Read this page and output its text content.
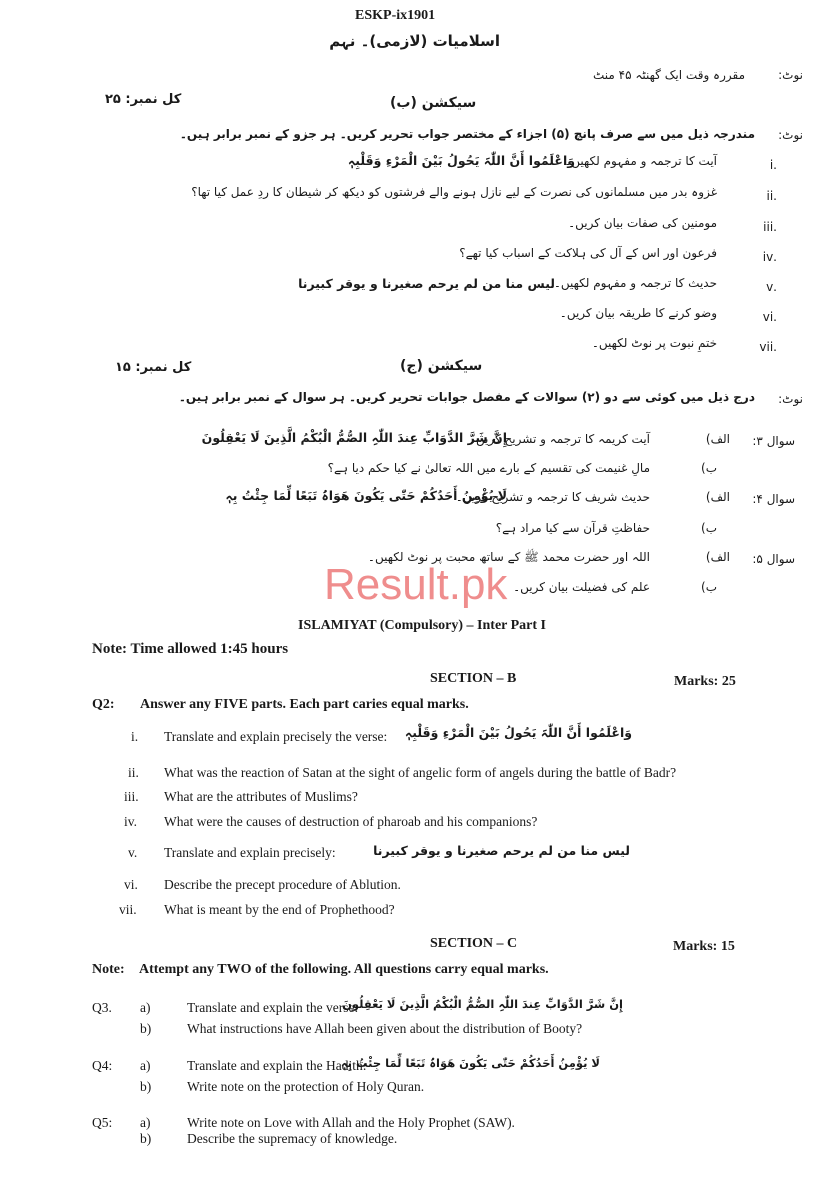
ESKP-ix1901
اسلامیات (لازمی)۔ نہم
نوٹ:
مقررہ وقت ایک گھنٹہ ۴۵ منٹ
کل نمبر: ۲۵	سیکشن (ب)
نوٹ:
مندرجہ ذیل میں سے صرف پانچ (۵) اجزاء کے مختصر جواب تحریر کریں۔ ہر جزو کے نمبر برابر ہیں۔
.i
آیت کا ترجمہ و مفہوم لکھیں۔
وَاعْلَمُوا أَنَّ اللّٰہَ یَحُولُ بَیْنَ الْمَرْءِ وَقَلْبِہٖ
.ii
غزوہ بدر میں مسلمانوں کی نصرت کے لیے نازل ہونے والے فرشتوں کو دیکھ کر شیطان کا ردِ عمل کیا تھا؟
.iii
مومنین کی صفات بیان کریں۔
.iv
فرعون اور اس کے آل کی ہلاکت کے اسباب کیا تھے؟
.v
حدیث کا ترجمہ و مفہوم لکھیں۔
لیس منا من لم یرحم صغیرنا و یوقر کبیرنا
.vi
وضو کرنے کا طریقہ بیان کریں۔
.vii
ختمِ نبوت پر نوٹ لکھیں۔
کل نمبر: ۱۵	سیکشن (ج)
نوٹ:
درج ذیل میں کوئی سے دو (۲) سوالات کے مفصل جوابات تحریر کریں۔ ہر سوال کے نمبر برابر ہیں۔
سوال ۳:
الف)
آیت کریمہ کا ترجمہ و تشریح کریں۔
إِنَّ شَرَّ الدَّوَابِّ عِندَ اللّٰہِ الصُّمُّ الْبُکْمُ الَّذِینَ لَا یَعْقِلُونَ
ب)
مالِ غنیمت کی تقسیم کے بارے میں اللہ تعالیٰ نے کیا حکم دیا ہے؟
سوال ۴:
الف)
حدیث شریف کا ترجمہ و تشریح کریں۔
لَا یُؤْمِنُ أَحَدُکُمْ حَتّٰی یَکُونَ ھَوَاہُ تَبَعًا لِّمَا جِئْتُ بِہٖ
ب)
حفاظتِ قرآن سے کیا مراد ہے؟
سوال ۵:
الف)
اللہ اور حضرت محمد ﷺ کے ساتھ محبت پر نوٹ لکھیں۔
ب)
علم کی فضیلت بیان کریں۔
Result.pk
ISLAMIYAT (Compulsory) – Inter Part I
Note: Time allowed 1:45 hours
SECTION – B	Marks: 25
Q2: Answer any FIVE parts. Each part caries equal marks.
i. Translate and explain precisely the verse: وَاعْلَمُوا أَنَّ اللّٰہَ یَحُولُ بَیْنَ الْمَرْءِ وَقَلْبِہٖ
ii. What was the reaction of Satan at the sight of angelic form of angels during the battle of Badr?
iii. What are the attributes of Muslims?
iv. What were the causes of destruction of pharoab and his companions?
v. Translate and explain precisely:	لیس منا من لم یرحم صغیرنا و یوقر کبیرنا
vi. Describe the precept procedure of Ablution.
vii. What is meant by the end of Prophethood?
SECTION – C	Marks: 15
Note: Attempt any TWO of the following. All questions carry equal marks.
Q3. a)	Translate and explain the verse:
إِنَّ شَرَّ الدَّوَابِّ عِندَ اللّٰہِ الصُّمُّ الْبُکْمُ الَّذِینَ لَا یَعْقِلُونَ
b)	What instructions have Allah been given about the distribution of Booty?
Q4: a)	Translate and explain the Hadith:
لَا یُؤْمِنُ أَحَدُکُمْ حَتّٰی یَکُونَ ھَوَاہُ تَبَعًا لِّمَا جِئْتُ بِہٖ
b)	Write note on the protection of Holy Quran.
Q5: a)	Write note on Love with Allah and the Holy Prophet (SAW).
b)	Describe the supremacy of knowledge.
